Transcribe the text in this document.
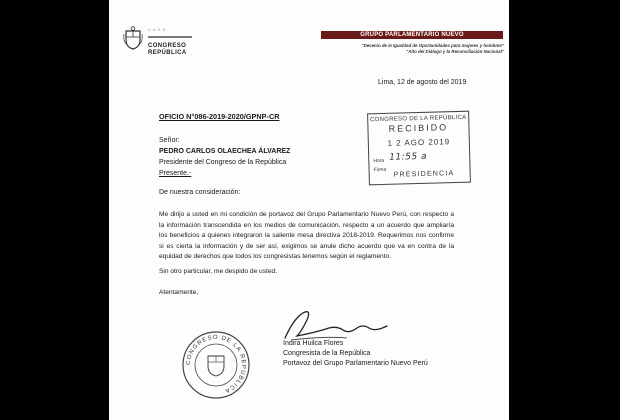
C.A.S.S.
CONGRESO
REPÚBLICA
GRUPO PARLAMENTARIO NUEVO
"Decenio de la Igualdad de Oportunidades para mujeres y hombres"
"Año del Diálogo y la Reconciliación Nacional"
Lima, 12 de agosto del 2019
CONGRESO DE LA REPÚBLICA
RECIBIDO
1 2 AGO 2019
Hora
Firma
11:55 a
PRESIDENCIA
OFICIO N°086-2019-2020/GPNP-CR
Señor:
PEDRO CARLOS OLAECHEA ÁLVAREZ
Presidente del Congreso de la República
Presente.-
De nuestra consideración:
Me dirijo a usted en mi condición de portavoz del Grupo Parlamentario Nuevo Perú, con respecto a la información transcendida en los medios de comunicación, respecto a un acuerdo que ampliaría los beneficios a quienes integraron la saliente mesa directiva 2018-2019. Requerimos nos confirme si es cierta la información y de ser así, exigimos se anule dicho acuerdo que va en contra de la equidad de derechos que todos los congresistas tenemos según el reglamento.
Sin otro particular, me despido de usted.
Atentamente,
Indira Huilca Flores
Congresista de la República
Portavoz del Grupo Parlamentario Nuevo Perú
CONGRESO DE LA REPÚBLICA
